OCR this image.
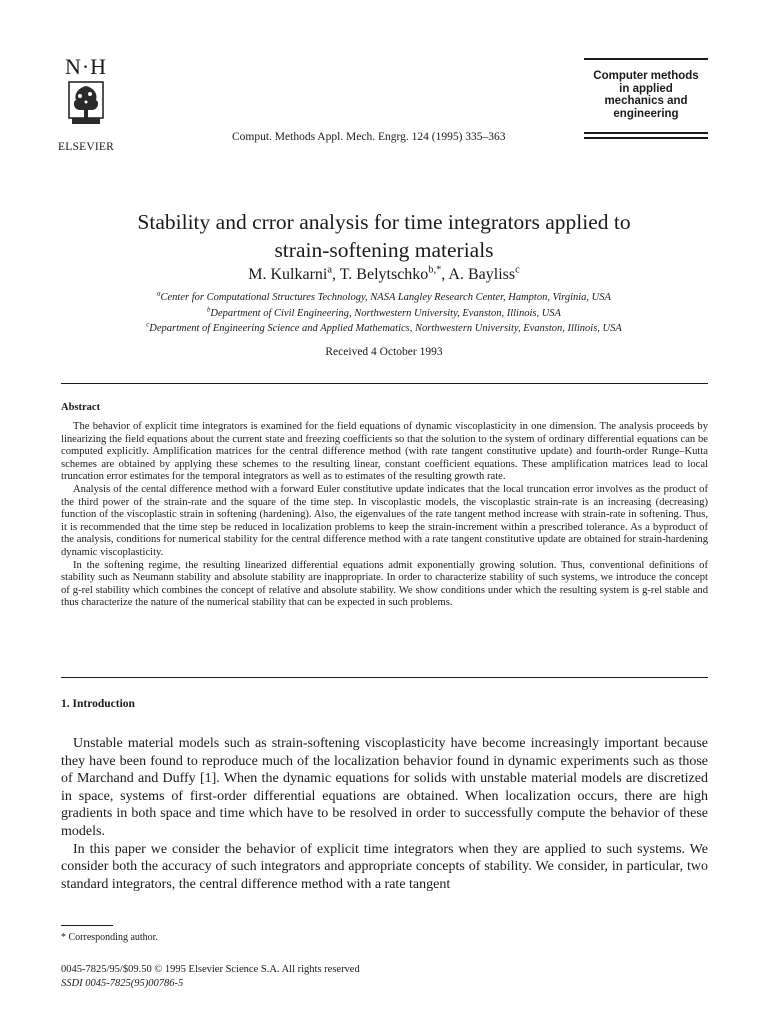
N·H
ELSEVIER
Comput. Methods Appl. Mech. Engrg. 124 (1995) 335–363
Computer methods
in applied
mechanics and
engineering
Stability and crror analysis for time integrators applied to
strain-softening materials
M. Kulkarni$^a$, T. Belytschko$^{b,*}$, A. Bayliss$^c$
$^a$Center for Computational Structures Technology, NASA Langley Research Center, Hampton, Virginia, USA
$^b$Department of Civil Engineering, Northwestern University, Evanston, Illinois, USA
$^c$Department of Engineering Science and Applied Mathematics, Northwestern University, Evanston, Illinois, USA
Received 4 October 1993
Abstract

The behavior of explicit time integrators is examined for the field equations of dynamic viscoplasticity in one dimension. The analysis proceeds by linearizing the field equations about the current state and freezing coefficients so that the solution to the system of ordinary differential equations can be computed explicitly. Amplification matrices for the central difference method (with rate tangent constitutive update) and fourth-order Runge–Kutta schemes are obtained by applying these schemes to the resulting linear, constant coefficient equations. These amplification matrices lead to local truncation error estimates for the temporal integrators as well as to estimates of the resulting growth rate.

Analysis of the cental difference method with a forward Euler constitutive update indicates that the local truncation error involves as the product of the third power of the strain-rate and the square of the time step. In viscoplastic models, the viscoplastic strain-rate is an increasing (decreasing) function of the viscoplastic strain in softening (hardening). Also, the eigenvalues of the rate tangent method increase with strain-rate in softening. Thus, it is recommended that the time step be reduced in localization problems to keep the strain-increment within a prescribed tolerance. As a byproduct of the analysis, conditions for numerical stability for the central difference method with a rate tangent constitutive update are obtained for strain-hardening dynamic viscoplasticity.

In the softening regime, the resulting linearized differential equations admit exponentially growing solution. Thus, conventional definitions of stability such as Neumann stability and absolute stability are inappropriate. In order to characterize stability of such systems, we introduce the concept of g-rel stability which combines the concept of relative and absolute stability. We show conditions under which the resulting system is g-rel stable and thus characterize the nature of the numerical stability that can be expected in such problems.

1. Introduction

Unstable material models such as strain-softening viscoplasticity have become increasingly important because they have been found to reproduce much of the localization behavior found in dynamic experiments such as those of Marchand and Duffy [1]. When the dynamic equations for solids with unstable material models are discretized in space, systems of first-order differential equations are obtained. When localization occurs, there are high gradients in both space and time which have to be resolved in order to successfully compute the behavior of these models.

In this paper we consider the behavior of explicit time integrators when they are applied to such systems. We consider both the accuracy of such integrators and appropriate concepts of stability. We consider, in particular, two standard integrators, the central difference method with a rate tangent

* Corresponding author.
0045-7825/95/$09.50 © 1995 Elsevier Science S.A. All rights reserved
SSDI 0045-7825(95)00786-5
